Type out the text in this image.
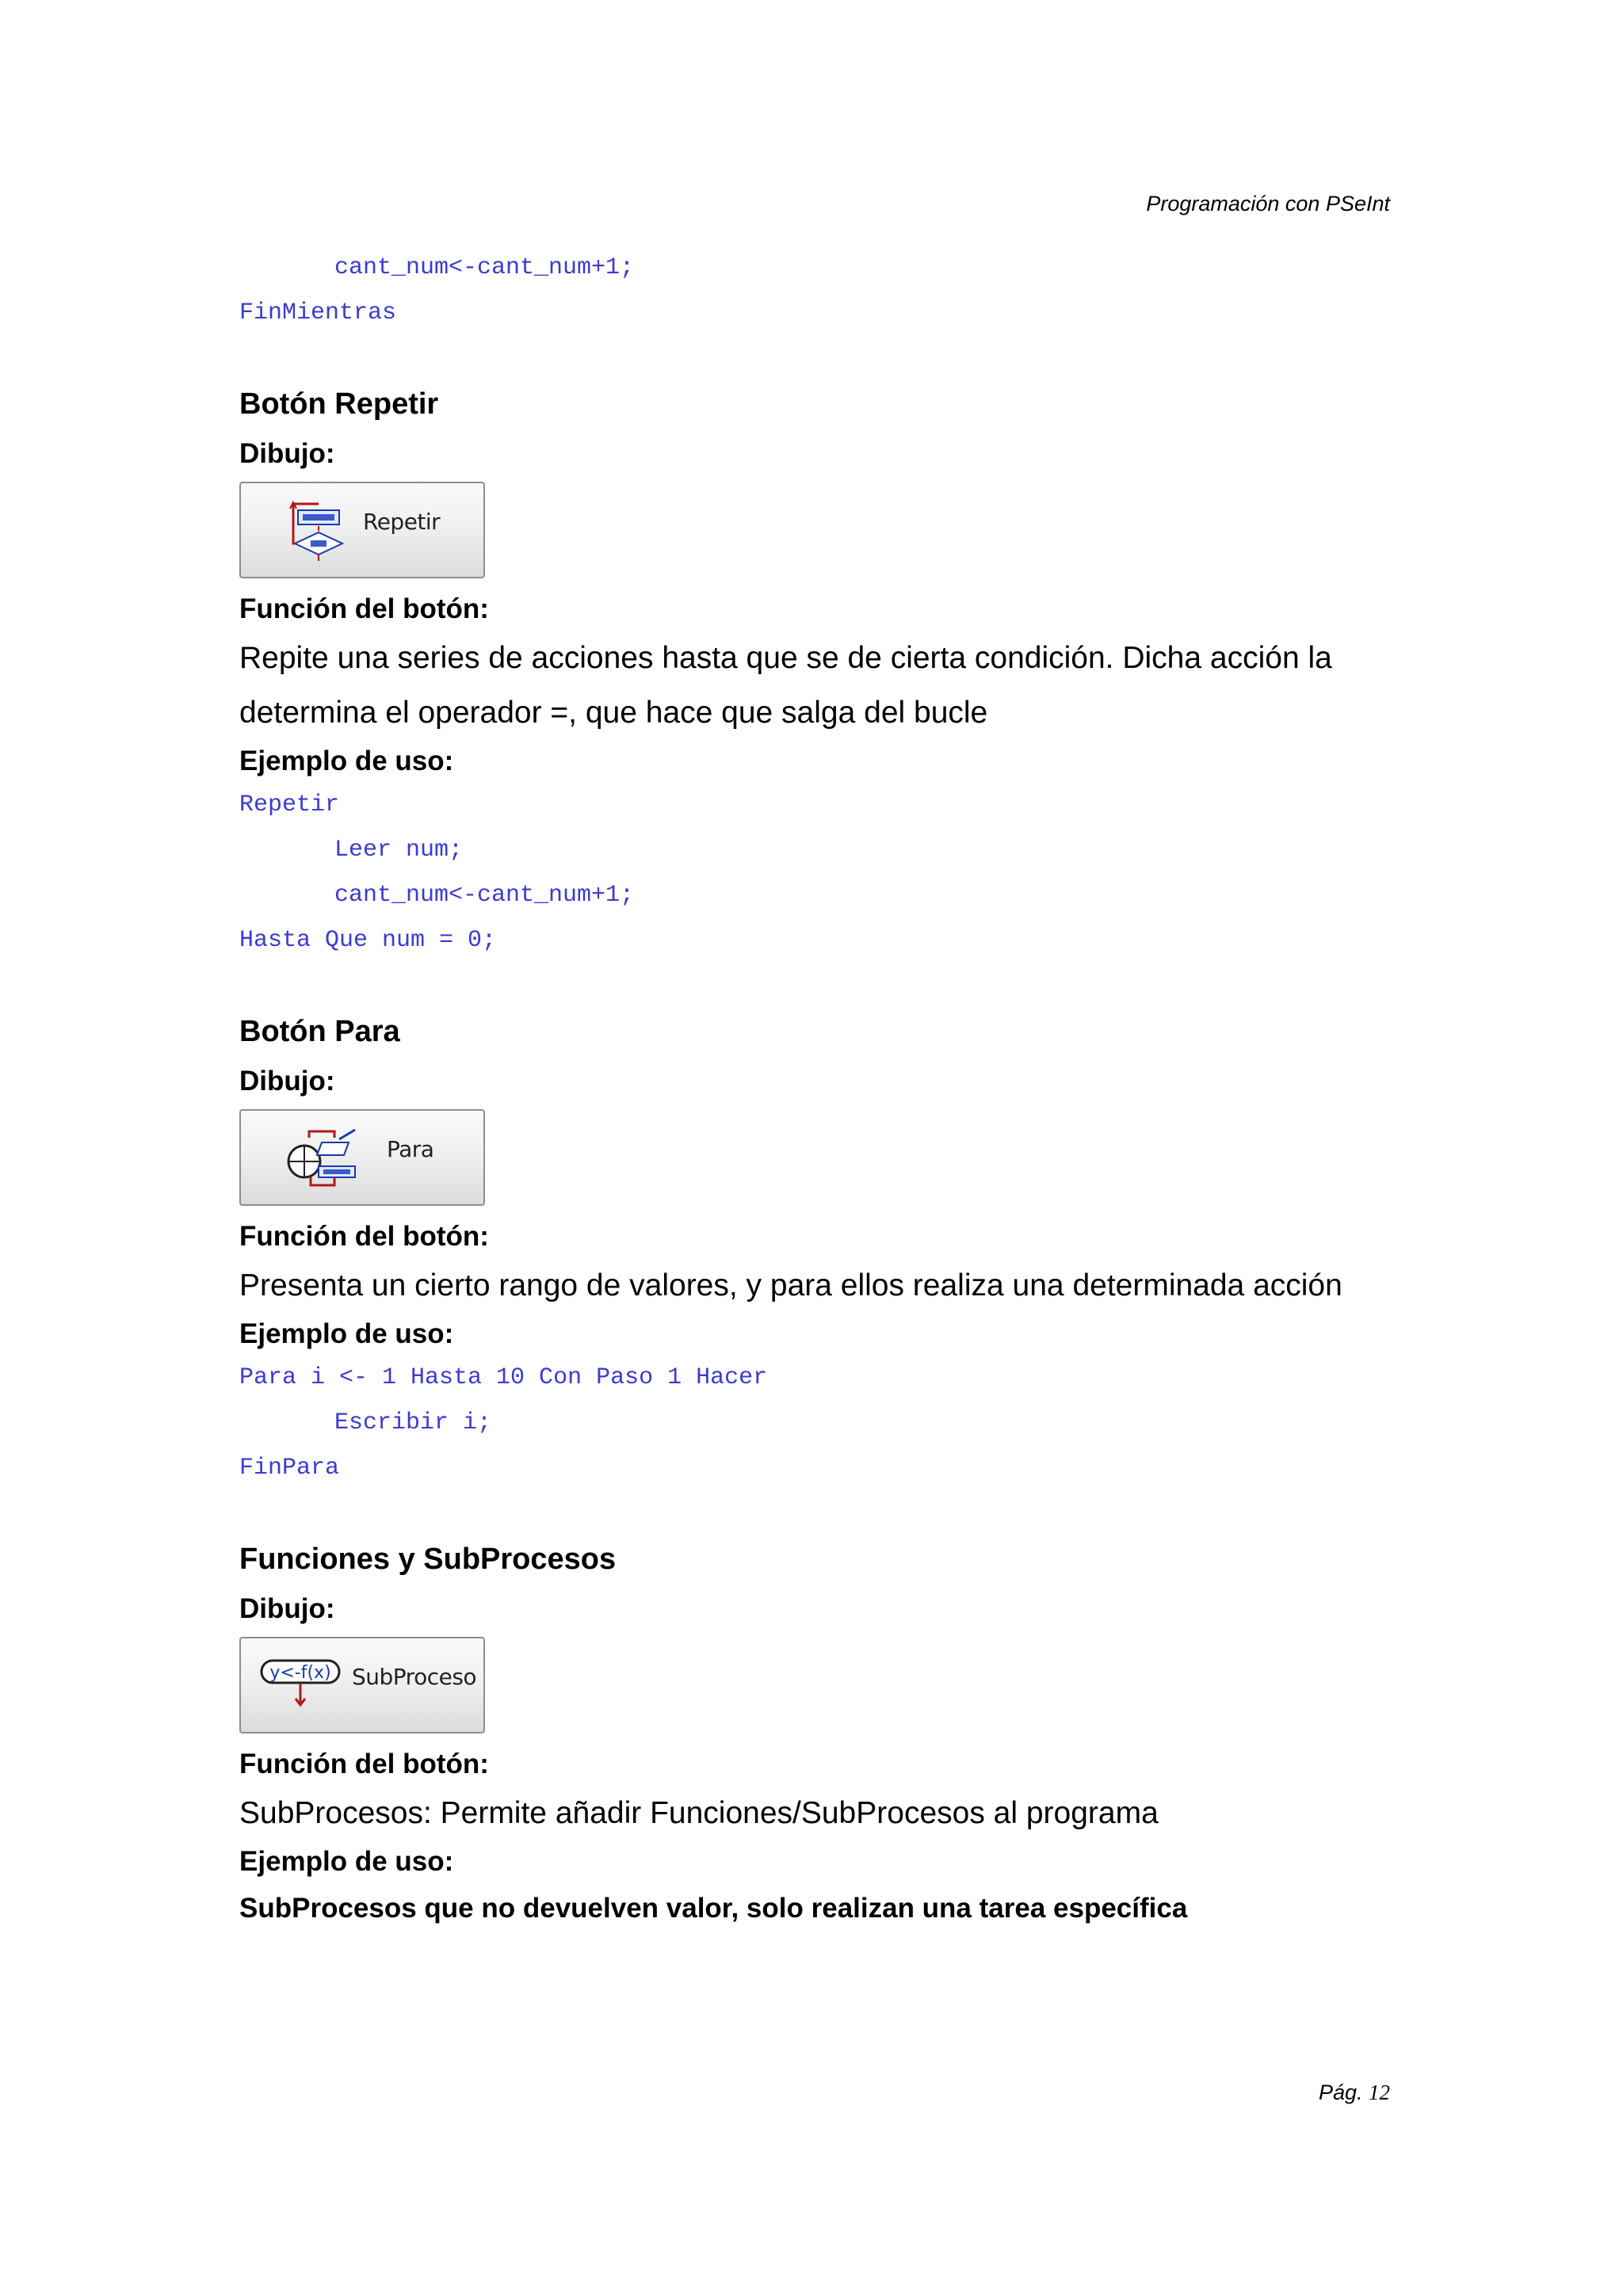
Programación con PSeInt
cant_num<-cant_num+1;
FinMientras
Botón Repetir
Dibujo:
Repetir
Función del botón:
Repite una series de acciones hasta que se de cierta condición. Dicha acción la
determina el operador =, que hace que salga del bucle
Ejemplo de uso:
Repetir
Leer num;
cant_num<-cant_num+1;
Hasta Que num = 0;
Botón Para
Dibujo:
Para
Función del botón:
Presenta un cierto rango de valores, y para ellos realiza una determinada acción
Ejemplo de uso:
Para i <- 1 Hasta 10 Con Paso 1 Hacer
Escribir i;
FinPara
Funciones y SubProcesos
Dibujo:
y<-f(x) SubProceso
Función del botón:
SubProcesos: Permite añadir Funciones/SubProcesos al programa
Ejemplo de uso:
SubProcesos que no devuelven valor, solo realizan una tarea específica
Pág. 12
